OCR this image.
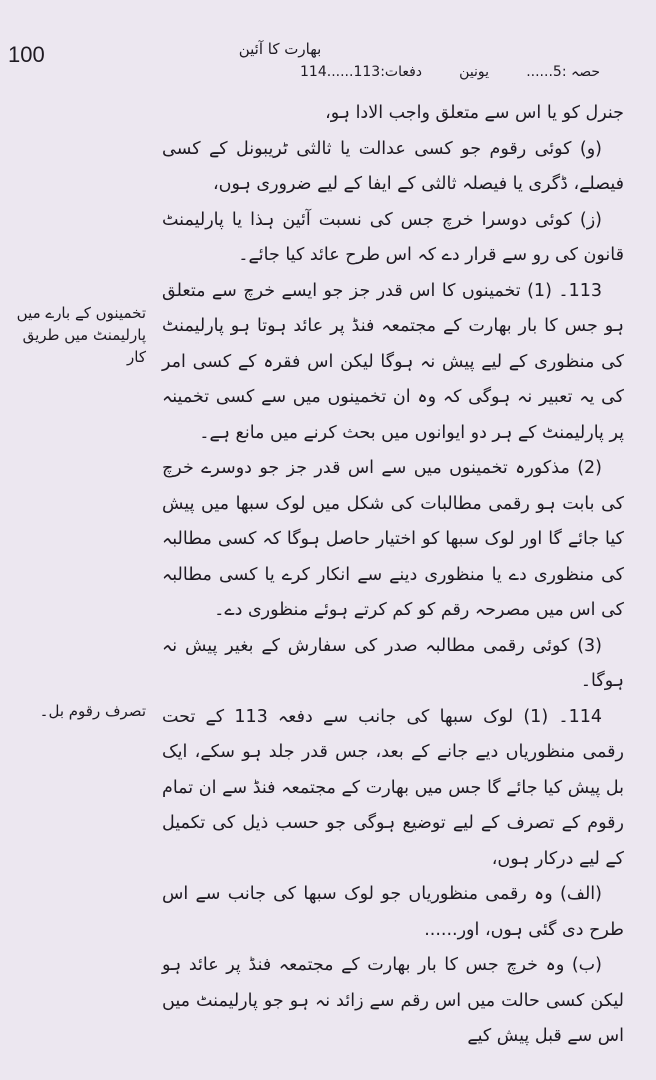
100	بھارت کا آئین
حصہ :5......
یونین
دفعات:113......114
تخمینوں کے بارے میں پارلیمنٹ میں طریق کار
تصرف رقوم بل۔

جنرل کو یا اس سے متعلق واجب الادا ہو،

(و) کوئی رقوم جو کسی عدالت یا ثالثی ٹریبونل کے کسی فیصلے، ڈگری یا فیصلہ ثالثی کے ایفا کے لیے ضروری ہوں،

(ز) کوئی دوسرا خرچ جس کی نسبت آئین ہذا یا پارلیمنٹ قانون کی رو سے قرار دے کہ اس طرح عائد کیا جائے۔

113۔ (1) تخمینوں کا اس قدر جز جو ایسے خرچ سے متعلق ہو جس کا بار بھارت کے مجتمعہ فنڈ پر عائد ہوتا ہو پارلیمنٹ کی منظوری کے لیے پیش نہ ہوگا لیکن اس فقرہ کے کسی امر کی یہ تعبیر نہ ہوگی کہ وہ ان تخمینوں میں سے کسی تخمینہ پر پارلیمنٹ کے ہر دو ایوانوں میں بحث کرنے میں مانع ہے۔

(2) مذکورہ تخمینوں میں سے اس قدر جز جو دوسرے خرچ کی بابت ہو رقمی مطالبات کی شکل میں لوک سبھا میں پیش کیا جائے گا اور لوک سبھا کو اختیار حاصل ہوگا کہ کسی مطالبہ کی منظوری دے یا منظوری دینے سے انکار کرے یا کسی مطالبہ کی اس میں مصرحہ رقم کو کم کرتے ہوئے منظوری دے۔

(3) کوئی رقمی مطالبہ صدر کی سفارش کے بغیر پیش نہ ہوگا۔

114۔ (1) لوک سبھا کی جانب سے دفعہ 113 کے تحت رقمی منظوریاں دیے جانے کے بعد، جس قدر جلد ہو سکے، ایک بل پیش کیا جائے گا جس میں بھارت کے مجتمعہ فنڈ سے ان تمام رقوم کے تصرف کے لیے توضیع ہوگی جو حسب ذیل کی تکمیل کے لیے درکار ہوں،

(الف) وہ رقمی منظوریاں جو لوک سبھا کی جانب سے اس طرح دی گئی ہوں، اور......

(ب) وہ خرچ جس کا بار بھارت کے مجتمعہ فنڈ پر عائد ہو لیکن کسی حالت میں اس رقم سے زائد نہ ہو جو پارلیمنٹ میں اس سے قبل پیش کیے
